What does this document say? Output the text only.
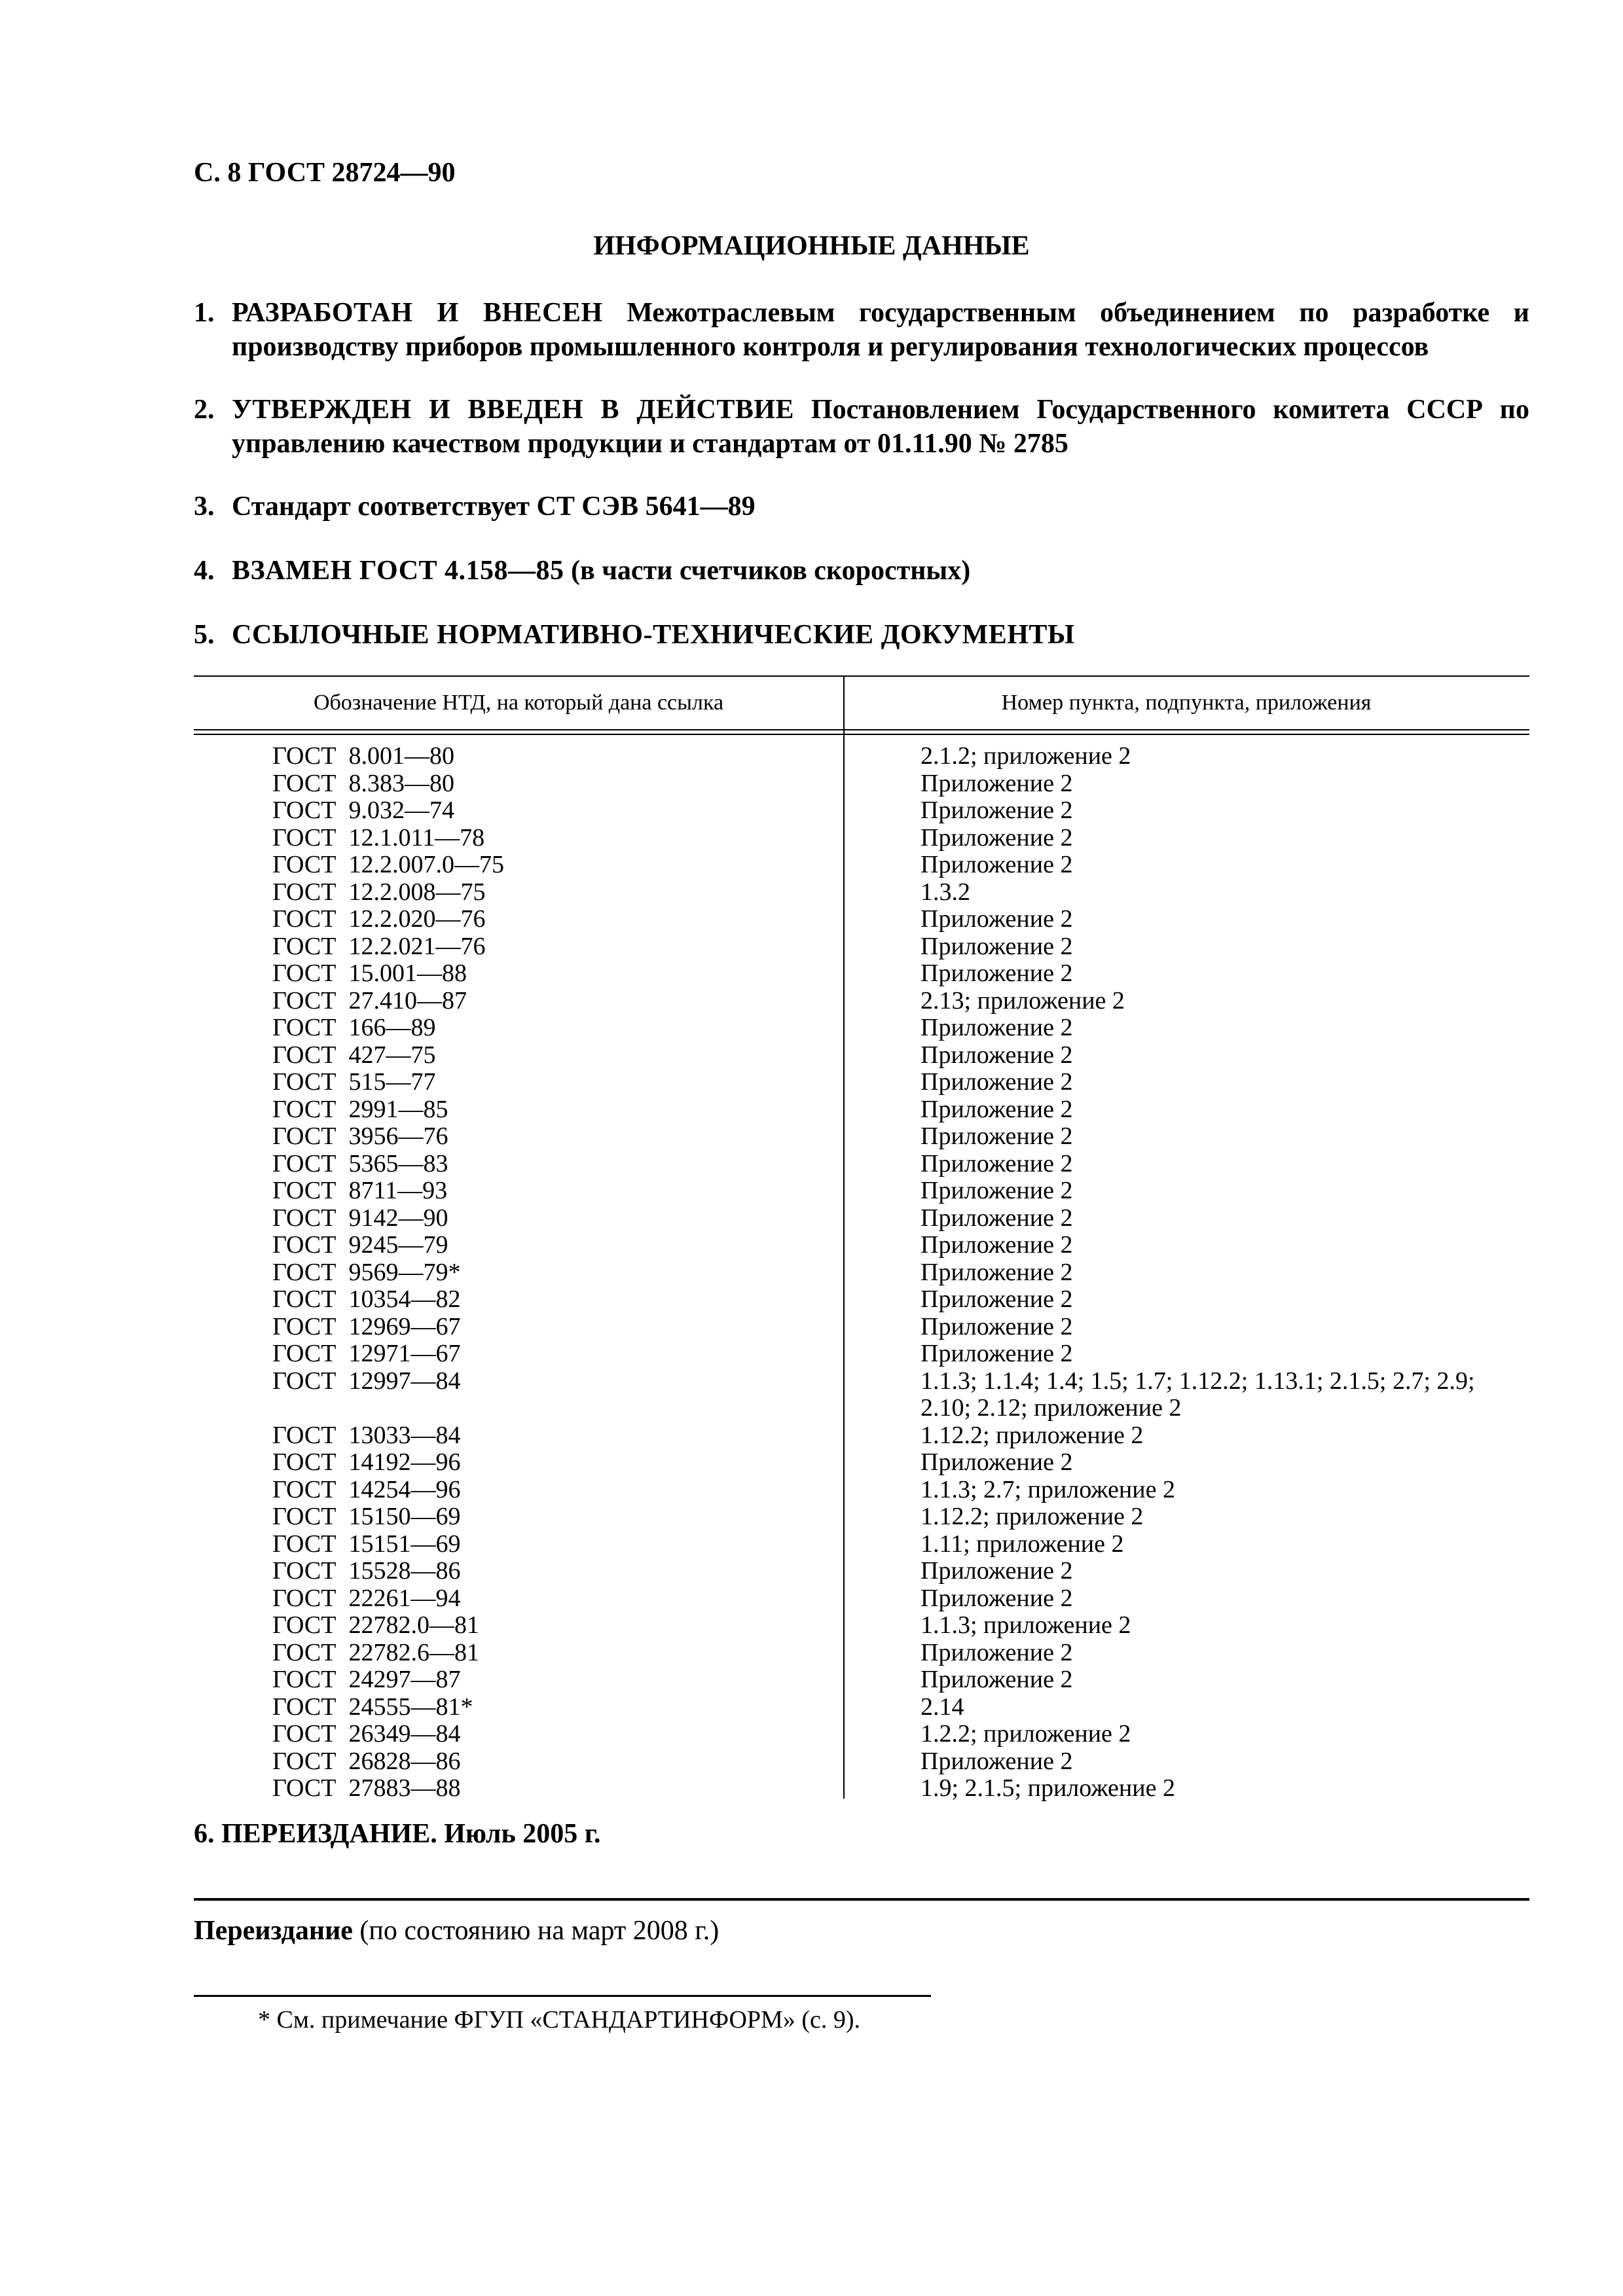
С. 8 ГОСТ 28724—90
ИНФОРМАЦИОННЫЕ ДАННЫЕ
1. РАЗРАБОТАН И ВНЕСЕН Межотраслевым государственным объединением по разработке и производству приборов промышленного контроля и регулирования технологических процессов
2. УТВЕРЖДЕН И ВВЕДЕН В ДЕЙСТВИЕ Постановлением Государственного комитета СССР по управлению качеством продукции и стандартам от 01.11.90 № 2785
3. Стандарт соответствует СТ СЭВ 5641—89
4. ВЗАМЕН ГОСТ 4.158—85 (в части счетчиков скоростных)
5. ССЫЛОЧНЫЕ НОРМАТИВНО-ТЕХНИЧЕСКИЕ ДОКУМЕНТЫ
Обозначение НТД, на который дана ссылка	Номер пункта, подпункта, приложения
ГОСТ  8.001—80	2.1.2; приложение 2
ГОСТ  8.383—80	Приложение 2
ГОСТ  9.032—74	Приложение 2
ГОСТ  12.1.011—78	Приложение 2
ГОСТ  12.2.007.0—75	Приложение 2
ГОСТ  12.2.008—75	1.3.2
ГОСТ  12.2.020—76	Приложение 2
ГОСТ  12.2.021—76	Приложение 2
ГОСТ  15.001—88	Приложение 2
ГОСТ  27.410—87	2.13; приложение 2
ГОСТ  166—89	Приложение 2
ГОСТ  427—75	Приложение 2
ГОСТ  515—77	Приложение 2
ГОСТ  2991—85	Приложение 2
ГОСТ  3956—76	Приложение 2
ГОСТ  5365—83	Приложение 2
ГОСТ  8711—93	Приложение 2
ГОСТ  9142—90	Приложение 2
ГОСТ  9245—79	Приложение 2
ГОСТ  9569—79*	Приложение 2
ГОСТ  10354—82	Приложение 2
ГОСТ  12969—67	Приложение 2
ГОСТ  12971—67	Приложение 2
ГОСТ  12997—84	1.1.3; 1.1.4; 1.4; 1.5; 1.7; 1.12.2; 1.13.1; 2.1.5; 2.7; 2.9; 2.10; 2.12; приложение 2
ГОСТ  13033—84	1.12.2; приложение 2
ГОСТ  14192—96	Приложение 2
ГОСТ  14254—96	1.1.3; 2.7; приложение 2
ГОСТ  15150—69	1.12.2; приложение 2
ГОСТ  15151—69	1.11; приложение 2
ГОСТ  15528—86	Приложение 2
ГОСТ  22261—94	Приложение 2
ГОСТ  22782.0—81	1.1.3; приложение 2
ГОСТ  22782.6—81	Приложение 2
ГОСТ  24297—87	Приложение 2
ГОСТ  24555—81*	2.14
ГОСТ  26349—84	1.2.2; приложение 2
ГОСТ  26828—86	Приложение 2
ГОСТ  27883—88	1.9; 2.1.5; приложение 2
6. ПЕРЕИЗДАНИЕ. Июль 2005 г.

Переиздание (по состоянию на март 2008 г.)

* См. примечание ФГУП «СТАНДАРТИНФОРМ» (с. 9).
